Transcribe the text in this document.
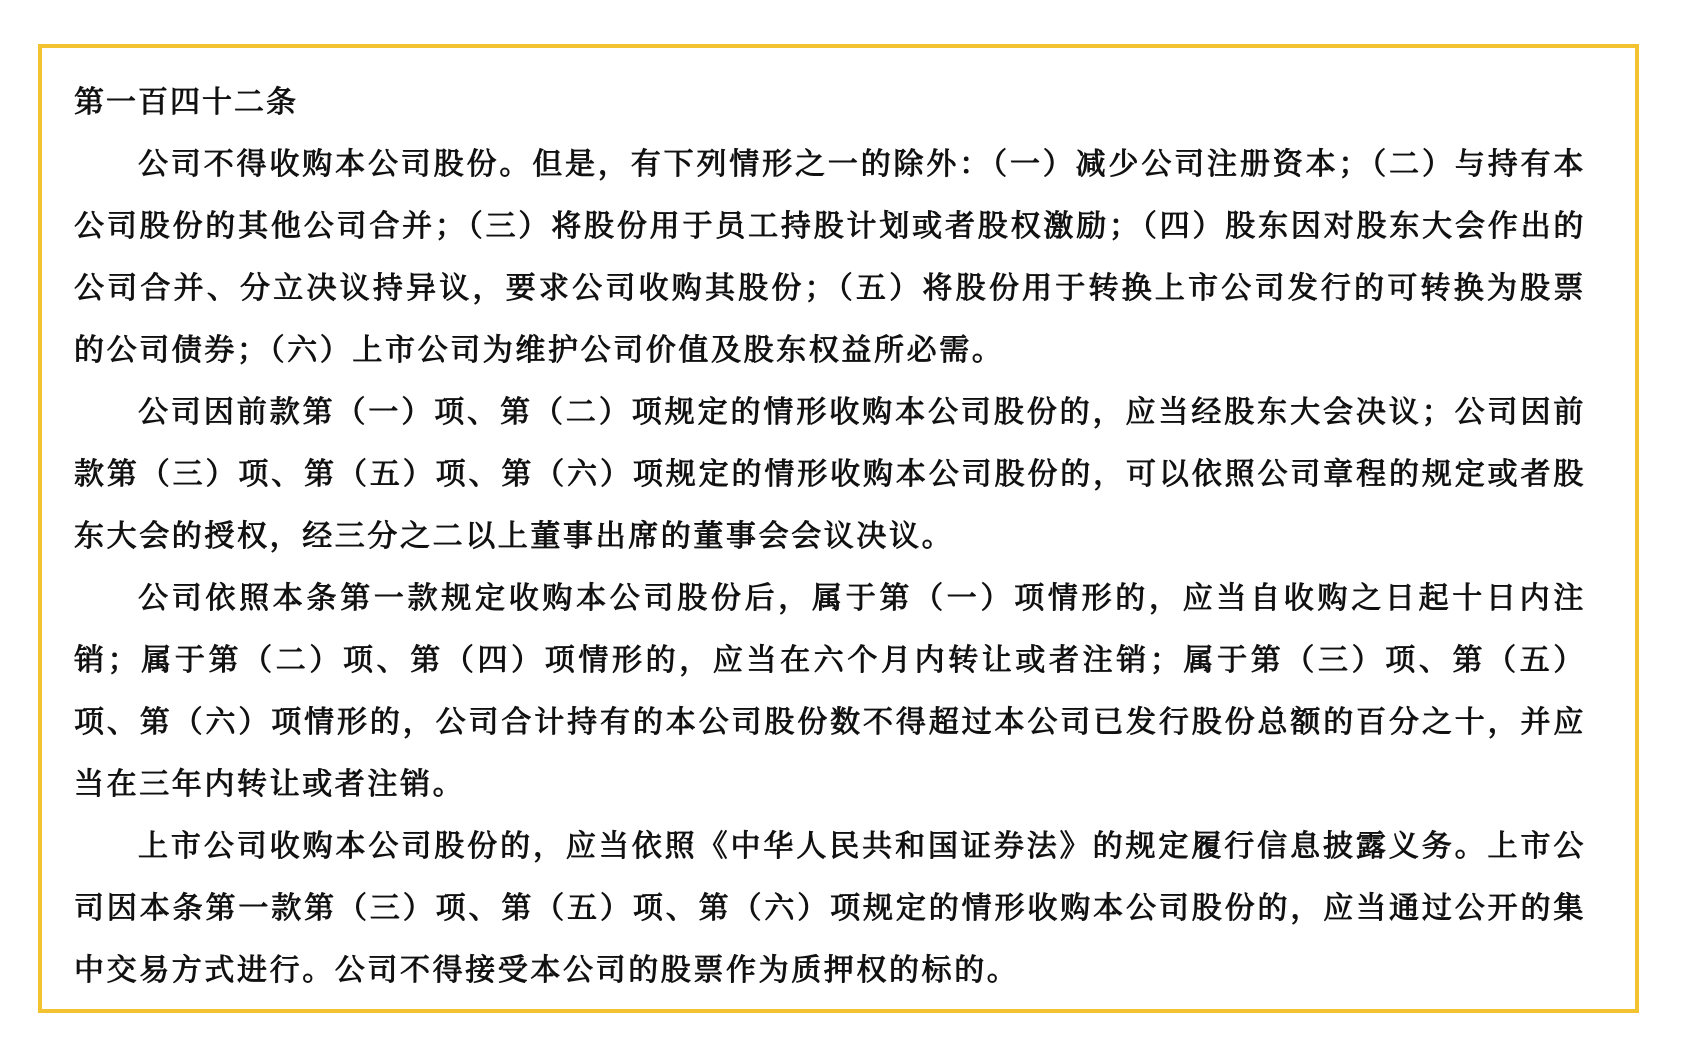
第一百四十二条

公司不得收购本公司股份。但是，有下列情形之一的除外：（一）减少公司注册资本；（二）与持有本公司股份的其他公司合并；（三）将股份用于员工持股计划或者股权激励；（四）股东因对股东大会作出的公司合并、分立决议持异议，要求公司收购其股份；（五）将股份用于转换上市公司发行的可转换为股票的公司债券；（六）上市公司为维护公司价值及股东权益所必需。

公司因前款第（一）项、第（二）项规定的情形收购本公司股份的，应当经股东大会决议；公司因前款第（三）项、第（五）项、第（六）项规定的情形收购本公司股份的，可以依照公司章程的规定或者股东大会的授权，经三分之二以上董事出席的董事会会议决议。

公司依照本条第一款规定收购本公司股份后，属于第（一）项情形的，应当自收购之日起十日内注销；属于第（二）项、第（四）项情形的，应当在六个月内转让或者注销；属于第（三）项、第（五）项、第（六）项情形的，公司合计持有的本公司股份数不得超过本公司已发行股份总额的百分之十，并应当在三年内转让或者注销。

上市公司收购本公司股份的，应当依照《中华人民共和国证券法》的规定履行信息披露义务。上市公司因本条第一款第（三）项、第（五）项、第（六）项规定的情形收购本公司股份的，应当通过公开的集中交易方式进行。公司不得接受本公司的股票作为质押权的标的。
